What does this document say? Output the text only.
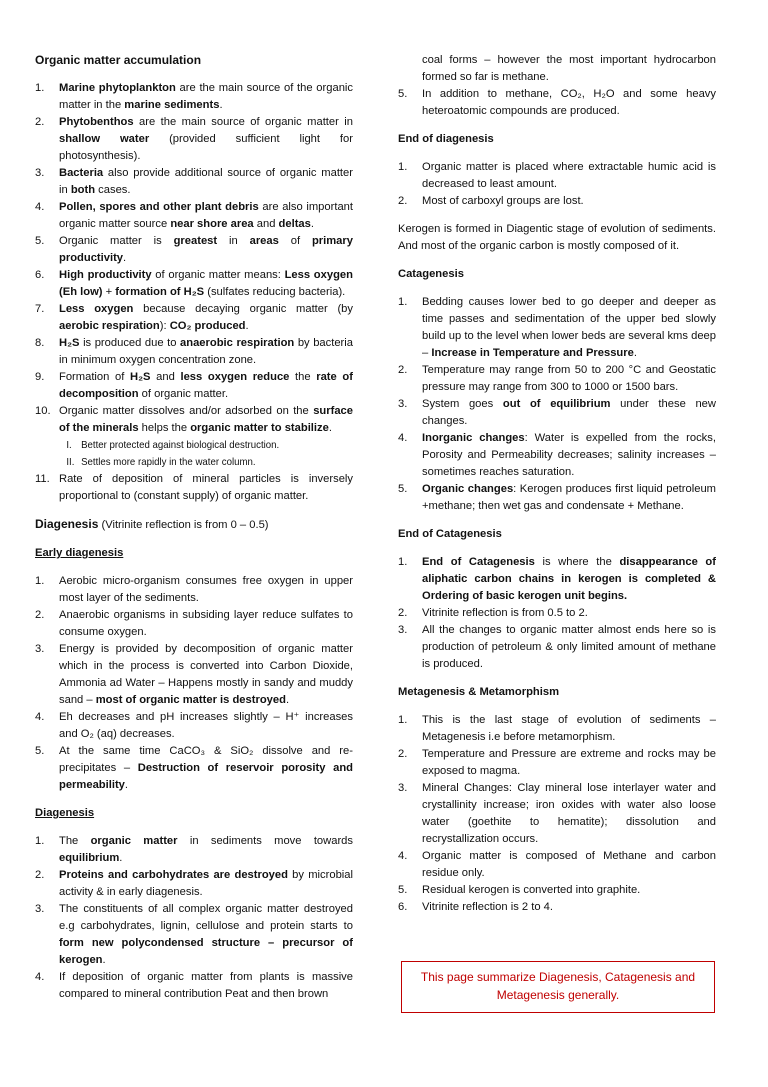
Organic matter accumulation

1. Marine phytoplankton are the main source of the organic matter in the marine sediments.
2. Phytobenthos are the main source of organic matter in shallow water (provided sufficient light for photosynthesis).
3. Bacteria also provide additional source of organic matter in both cases.
4. Pollen, spores and other plant debris are also important organic matter source near shore area and deltas.
5. Organic matter is greatest in areas of primary productivity.
6. High productivity of organic matter means: Less oxygen (Eh low) + formation of H₂S (sulfates reducing bacteria).
7. Less oxygen because decaying organic matter (by aerobic respiration): CO₂ produced.
8. H₂S is produced due to anaerobic respiration by bacteria in minimum oxygen concentration zone.
9. Formation of H₂S and less oxygen reduce the rate of decomposition of organic matter.
10. Organic matter dissolves and/or adsorbed on the surface of the minerals helps the organic matter to stabilize.
I. Better protected against biological destruction.
II. Settles more rapidly in the water column.
11. Rate of deposition of mineral particles is inversely proportional to (constant supply) of organic matter.

Diagenesis (Vitrinite reflection is from 0 – 0.5)

Early diagenesis

1. Aerobic micro-organism consumes free oxygen in upper most layer of the sediments.
2. Anaerobic organisms in subsiding layer reduce sulfates to consume oxygen.
3. Energy is provided by decomposition of organic matter which in the process is converted into Carbon Dioxide, Ammonia ad Water – Happens mostly in sandy and muddy sand – most of organic matter is destroyed.
4. Eh decreases and pH increases slightly – H⁺ increases and O₂ (aq) decreases.
5. At the same time CaCO₃ & SiO₂ dissolve and re-precipitates – Destruction of reservoir porosity and permeability.

Diagenesis

1. The organic matter in sediments move towards equilibrium.
2. Proteins and carbohydrates are destroyed by microbial activity & in early diagenesis.
3. The constituents of all complex organic matter destroyed e.g carbohydrates, lignin, cellulose and protein starts to form new polycondensed structure – precursor of kerogen.
4. If deposition of organic matter from plants is massive compared to mineral contribution Peat and then brown
coal forms – however the most important hydrocarbon formed so far is methane.
5. In addition to methane, CO₂, H₂O and some heavy heteroatomic compounds are produced.

End of diagenesis

1. Organic matter is placed where extractable humic acid is decreased to least amount.
2. Most of carboxyl groups are lost.

Kerogen is formed in Diagentic stage of evolution of sediments. And most of the organic carbon is mostly composed of it.

Catagenesis

1. Bedding causes lower bed to go deeper and deeper as time passes and sedimentation of the upper bed slowly build up to the level when lower beds are several kms deep – Increase in Temperature and Pressure.
2. Temperature may range from 50 to 200 °C and Geostatic pressure may range from 300 to 1000 or 1500 bars.
3. System goes out of equilibrium under these new changes.
4. Inorganic changes: Water is expelled from the rocks, Porosity and Permeability decreases; salinity increases – sometimes reaches saturation.
5. Organic changes: Kerogen produces first liquid petroleum +methane; then wet gas and condensate + Methane.

End of Catagenesis

1. End of Catagenesis is where the disappearance of aliphatic carbon chains in kerogen is completed & Ordering of basic kerogen unit begins.
2. Vitrinite reflection is from 0.5 to 2.
3. All the changes to organic matter almost ends here so is production of petroleum & only limited amount of methane is produced.

Metagenesis & Metamorphism

1. This is the last stage of evolution of sediments – Metagenesis i.e before metamorphism.
2. Temperature and Pressure are extreme and rocks may be exposed to magma.
3. Mineral Changes: Clay mineral lose interlayer water and crystallinity increase; iron oxides with water also loose water (goethite to hematite); dissolution and recrystallization occurs.
4. Organic matter is composed of Methane and carbon residue only.
5. Residual kerogen is converted into graphite.
6. Vitrinite reflection is 2 to 4.
This page summarize Diagenesis, Catagenesis and Metagenesis generally.
